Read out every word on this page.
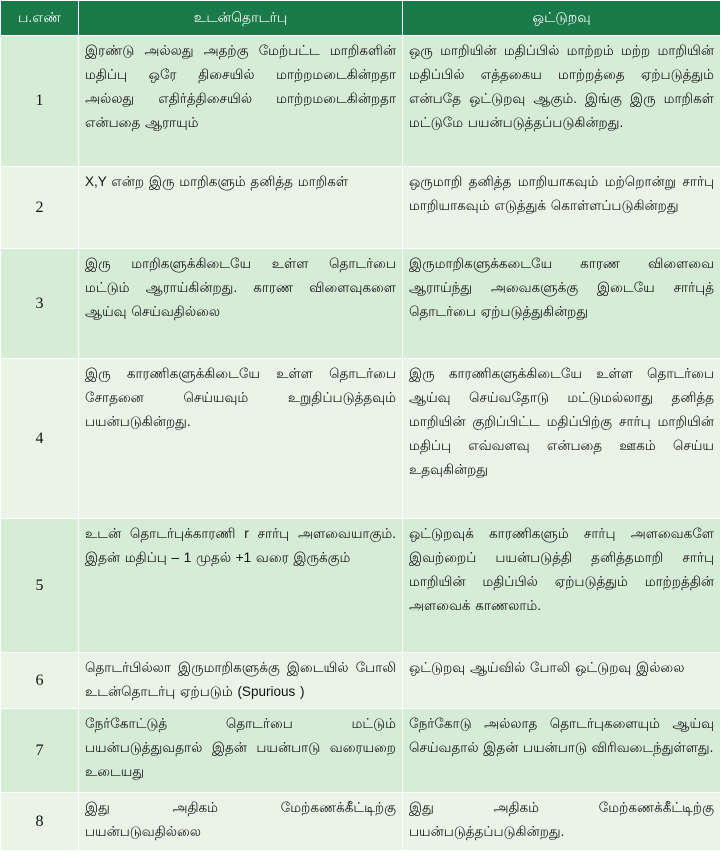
ப.எண்	உடன்தொடர்பு	ஒட்டுறவு
1	இரண்டு அல்லது அதற்கு மேற்பட்ட மாறிகளின் மதிப்பு ஒரே திசையில் மாற்றமடைகின்றதா அல்லது எதிர்த்திசையில் மாற்றமடைகின்றதா என்பதை ஆராயும்	ஒரு மாறியின் மதிப்பில் மாற்றம் மற்ற மாறியின் மதிப்பில் எத்தகைய மாற்றத்தை ஏற்படுத்தும் என்பதே ஒட்டுறவு ஆகும். இங்கு இரு மாறிகள் மட்டுமே பயன்படுத்தப்படுகின்றது.
2	X,Y என்ற இரு மாறிகளும் தனித்த மாறிகள்	ஒருமாறி தனித்த மாறியாகவும் மற்றொன்று சார்பு மாறியாகவும் எடுத்துக் கொள்ளப்படுகின்றது
3	இரு மாறிகளுக்கிடையே உள்ள தொடர்பை மட்டும் ஆராய்கின்றது. காரண விளைவுகளை ஆய்வு செய்வதில்லை	இருமாறிகளுக்கடையே காரண விளைவை ஆராய்ந்து அவைகளுக்கு இடையே சார்புத் தொடர்பை ஏற்படுத்துகின்றது
4	இரு காரணிகளுக்கிடையே உள்ள தொடர்பை சோதனை செய்யவும் உறுதிப்படுத்தவும் பயன்படுகின்றது.	இரு காரணிகளுக்கிடையே உள்ள தொடர்பை ஆய்வு செய்வதோடு மட்டுமல்லாது தனித்த மாறியின் குறிப்பிட்ட மதிப்பிற்கு சார்பு மாறியின் மதிப்பு எவ்வளவு என்பதை ஊகம் செய்ய உதவுகின்றது
5	உடன் தொடர்புக்காரணி r சார்பு அளவையாகும். இதன் மதிப்பு – 1 முதல் +1 வரை இருக்கும்	ஒட்டுறவுக் காரணிகளும் சார்பு அளவைகளே இவற்றைப் பயன்படுத்தி தனித்தமாறி சார்பு மாறியின் மதிப்பில் ஏற்படுத்தும் மாற்றத்தின் அளவைக் காணலாம்.
6	தொடர்பில்லா இருமாறிகளுக்கு இடையில் போலி உடன்தொடர்பு ஏற்படும் (Spurious )	ஒட்டுறவு ஆய்வில் போலி ஒட்டுறவு இல்லை
7	நேர்கோட்டுத் தொடர்பை மட்டும் பயன்படுத்துவதால் இதன் பயன்பாடு வரையறை உடையது	நேர்கோடு அல்லாத தொடர்புகளையும் ஆய்வு செய்வதால் இதன் பயன்பாடு விரிவடைந்துள்ளது.
8	இது அதிகம் மேற்கணக்கீட்டிற்கு பயன்படுவதில்லை	இது அதிகம் மேற்கணக்கீட்டிற்கு பயன்படுத்தப்படுகின்றது.
